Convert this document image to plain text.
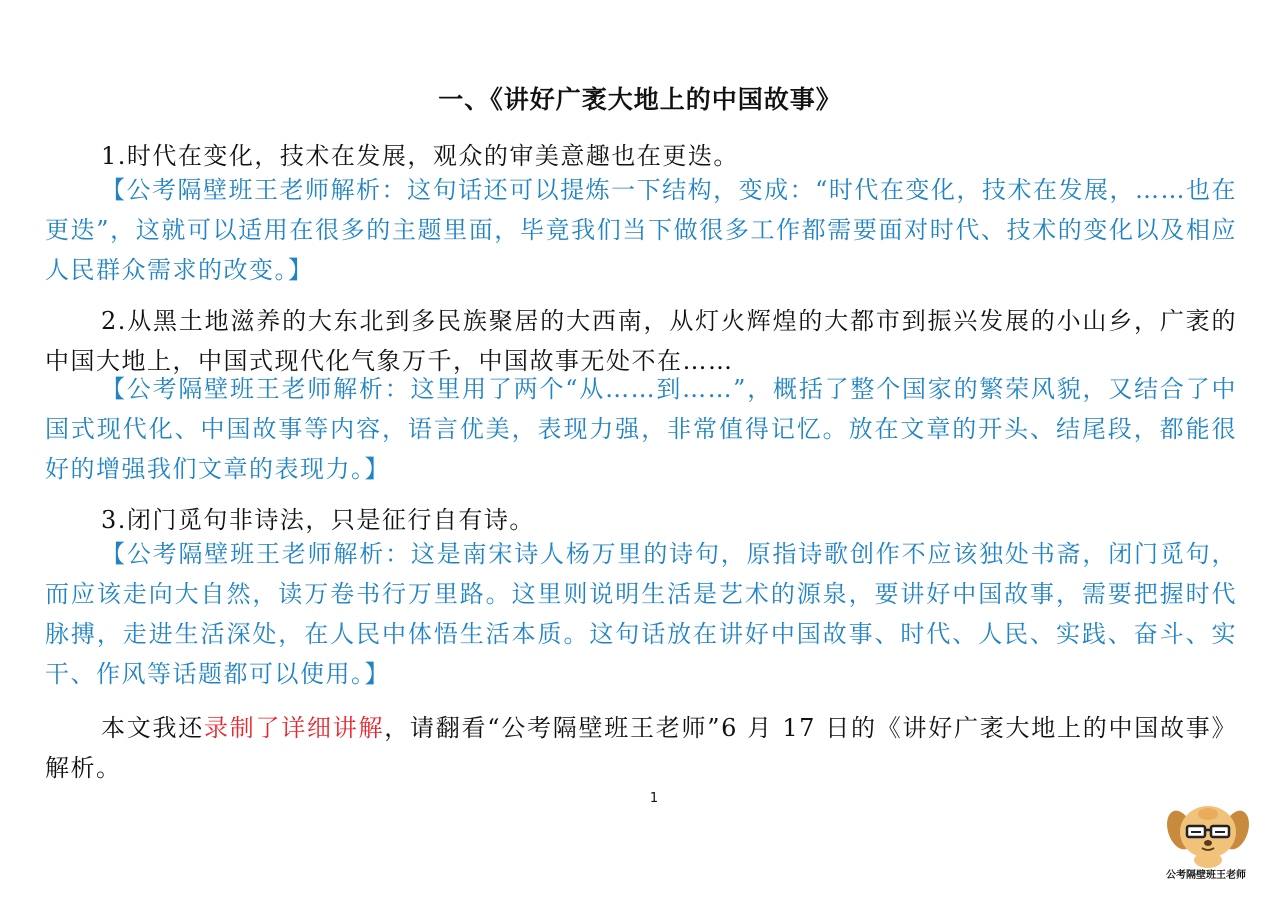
一、《讲好广袤大地上的中国故事》

1.时代在变化，技术在发展，观众的审美意趣也在更迭。

【公考隔壁班王老师解析：这句话还可以提炼一下结构，变成：“时代在变化，技术在发展，……也在更迭”，这就可以适用在很多的主题里面，毕竟我们当下做很多工作都需要面对时代、技术的变化以及相应人民群众需求的改变。】

2.从黑土地滋养的大东北到多民族聚居的大西南，从灯火辉煌的大都市到振兴发展的小山乡，广袤的中国大地上，中国式现代化气象万千，中国故事无处不在……

【公考隔壁班王老师解析：这里用了两个“从……到……”，概括了整个国家的繁荣风貌，又结合了中国式现代化、中国故事等内容，语言优美，表现力强，非常值得记忆。放在文章的开头、结尾段，都能很好的增强我们文章的表现力。】

3.闭门觅句非诗法，只是征行自有诗。

【公考隔壁班王老师解析：这是南宋诗人杨万里的诗句，原指诗歌创作不应该独处书斋，闭门觅句，而应该走向大自然，读万卷书行万里路。这里则说明生活是艺术的源泉，要讲好中国故事，需要把握时代脉搏，走进生活深处，在人民中体悟生活本质。这句话放在讲好中国故事、时代、人民、实践、奋斗、实干、作风等话题都可以使用。】

本文我还录制了详细讲解，请翻看“公考隔壁班王老师”6 月 17 日的《讲好广袤大地上的中国故事》解析。

1
公考隔壁班王老师
